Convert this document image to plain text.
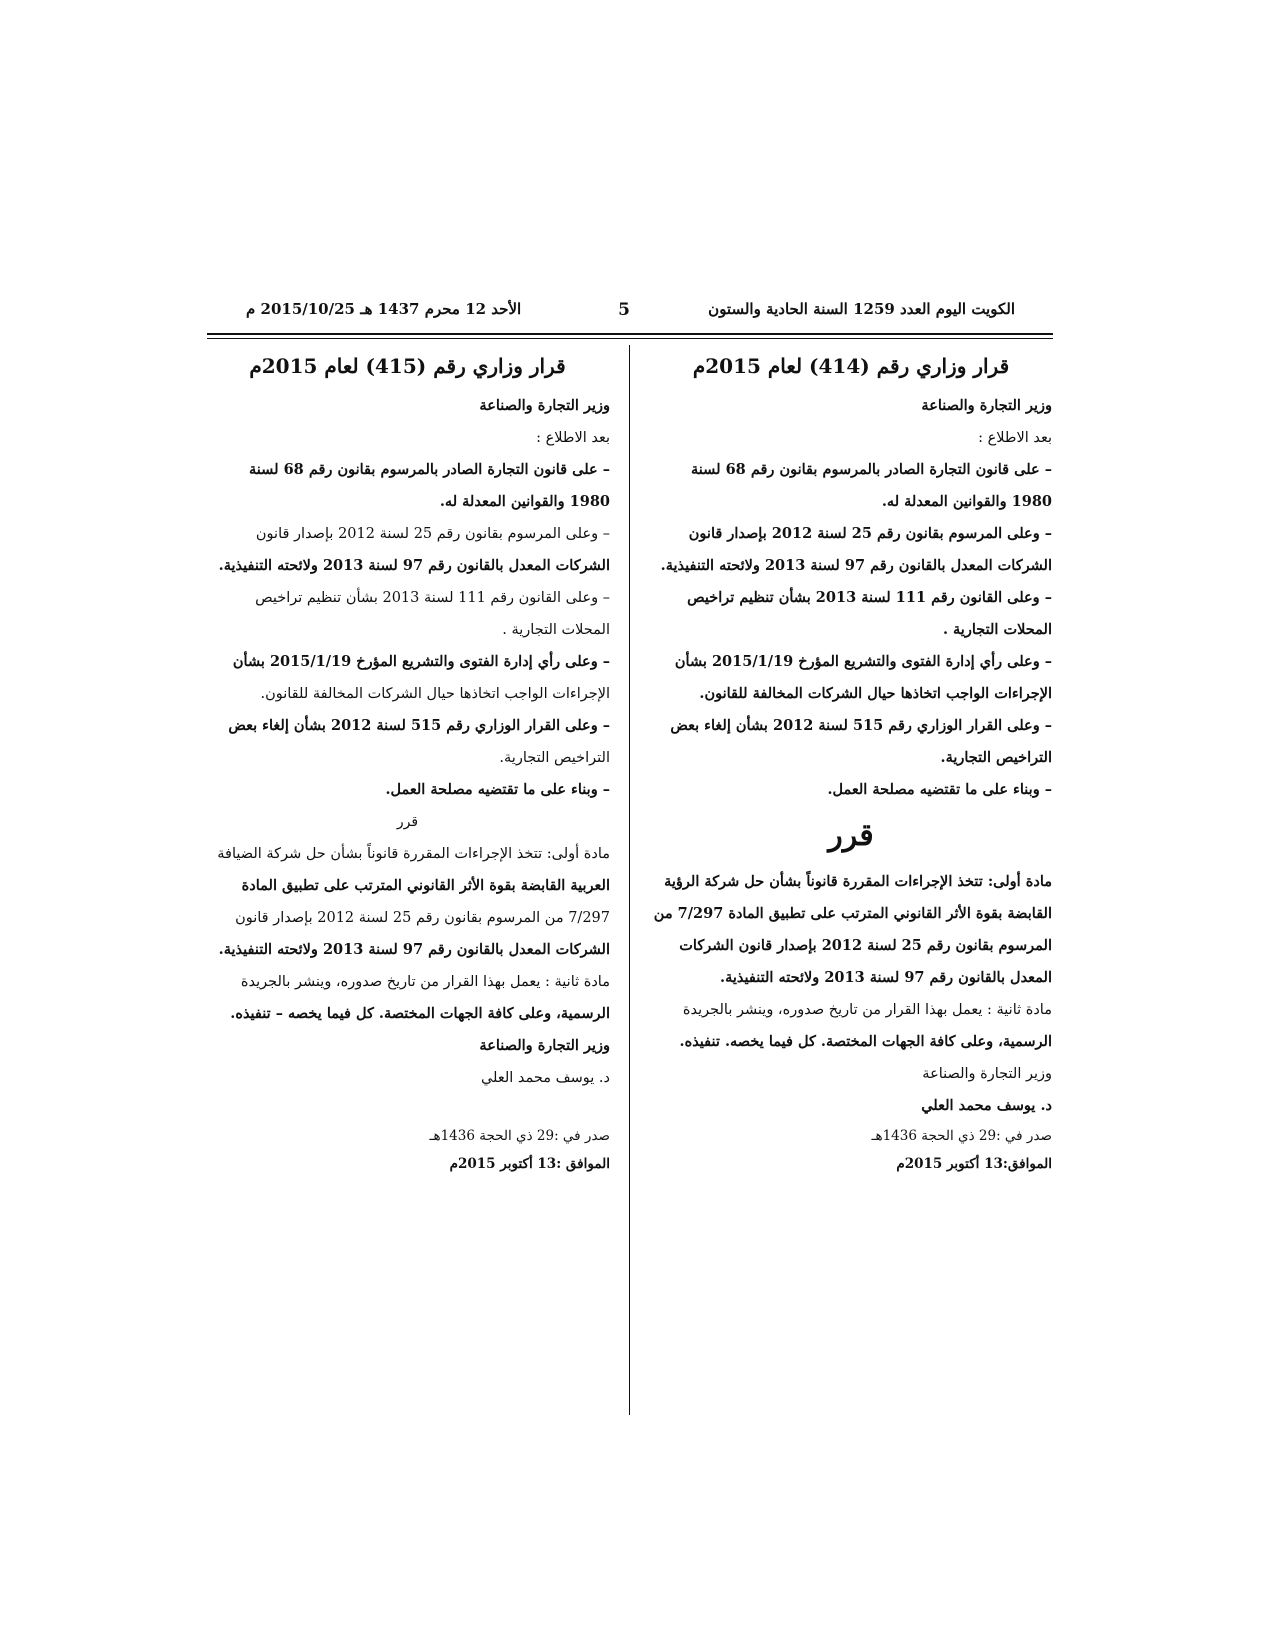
الكويت اليوم العدد 1259 السنة الحادية والستون
5
الأحد 12 محرم 1437 هـ 2015/10/25 م
قرار وزاري رقم (414) لعام 2015م
وزير التجارة والصناعة
بعد الاطلاع :
– على قانون التجارة الصادر بالمرسوم بقانون رقم 68 لسنة
1980 والقوانين المعدلة له.
– وعلى المرسوم بقانون رقم 25 لسنة 2012 بإصدار قانون
الشركات المعدل بالقانون رقم 97 لسنة 2013 ولائحته التنفيذية.
– وعلى القانون رقم 111 لسنة 2013 بشأن تنظيم تراخيص
المحلات التجارية .
– وعلى رأي إدارة الفتوى والتشريع المؤرخ 2015/1/19 بشأن
الإجراءات الواجب اتخاذها حيال الشركات المخالفة للقانون.
– وعلى القرار الوزاري رقم 515 لسنة 2012 بشأن إلغاء بعض
التراخيص التجارية.
– وبناء على ما تقتضيه مصلحة العمل.
قرر
مادة أولى: تتخذ الإجراءات المقررة قانوناً بشأن حل شركة الرؤية
القابضة بقوة الأثر القانوني المترتب على تطبيق المادة 7/297 من
المرسوم بقانون رقم 25 لسنة 2012 بإصدار قانون الشركات
المعدل بالقانون رقم 97 لسنة 2013 ولائحته التنفيذية.
مادة ثانية : يعمل بهذا القرار من تاريخ صدوره، وينشر بالجريدة
الرسمية، وعلى كافة الجهات المختصة. كل فيما يخصه. تنفيذه.
وزير التجارة والصناعة
د. يوسف محمد العلي
صدر في :29 ذي الحجة 1436هـ
الموافق:13 أكتوبر 2015م
قرار وزاري رقم (415) لعام 2015م
وزير التجارة والصناعة
بعد الاطلاع :
– على قانون التجارة الصادر بالمرسوم بقانون رقم 68 لسنة
1980 والقوانين المعدلة له.
– وعلى المرسوم بقانون رقم 25 لسنة 2012 بإصدار قانون
الشركات المعدل بالقانون رقم 97 لسنة 2013 ولائحته التنفيذية.
– وعلى القانون رقم 111 لسنة 2013 بشأن تنظيم تراخيص
المحلات التجارية .
– وعلى رأي إدارة الفتوى والتشريع المؤرخ 2015/1/19 بشأن
الإجراءات الواجب اتخاذها حيال الشركات المخالفة للقانون.
– وعلى القرار الوزاري رقم 515 لسنة 2012 بشأن إلغاء بعض
التراخيص التجارية.
– وبناء على ما تقتضيه مصلحة العمل.
قرر
مادة أولى: تتخذ الإجراءات المقررة قانوناً بشأن حل شركة الضيافة
العربية القابضة بقوة الأثر القانوني المترتب على تطبيق المادة
7/297 من المرسوم بقانون رقم 25 لسنة 2012 بإصدار قانون
الشركات المعدل بالقانون رقم 97 لسنة 2013 ولائحته التنفيذية.
مادة ثانية : يعمل بهذا القرار من تاريخ صدوره، وينشر بالجريدة
الرسمية، وعلى كافة الجهات المختصة. كل فيما يخصه – تنفيذه.
وزير التجارة والصناعة
د. يوسف محمد العلي
صدر في :29 ذي الحجة 1436هـ
الموافق :13 أكتوبر 2015م
